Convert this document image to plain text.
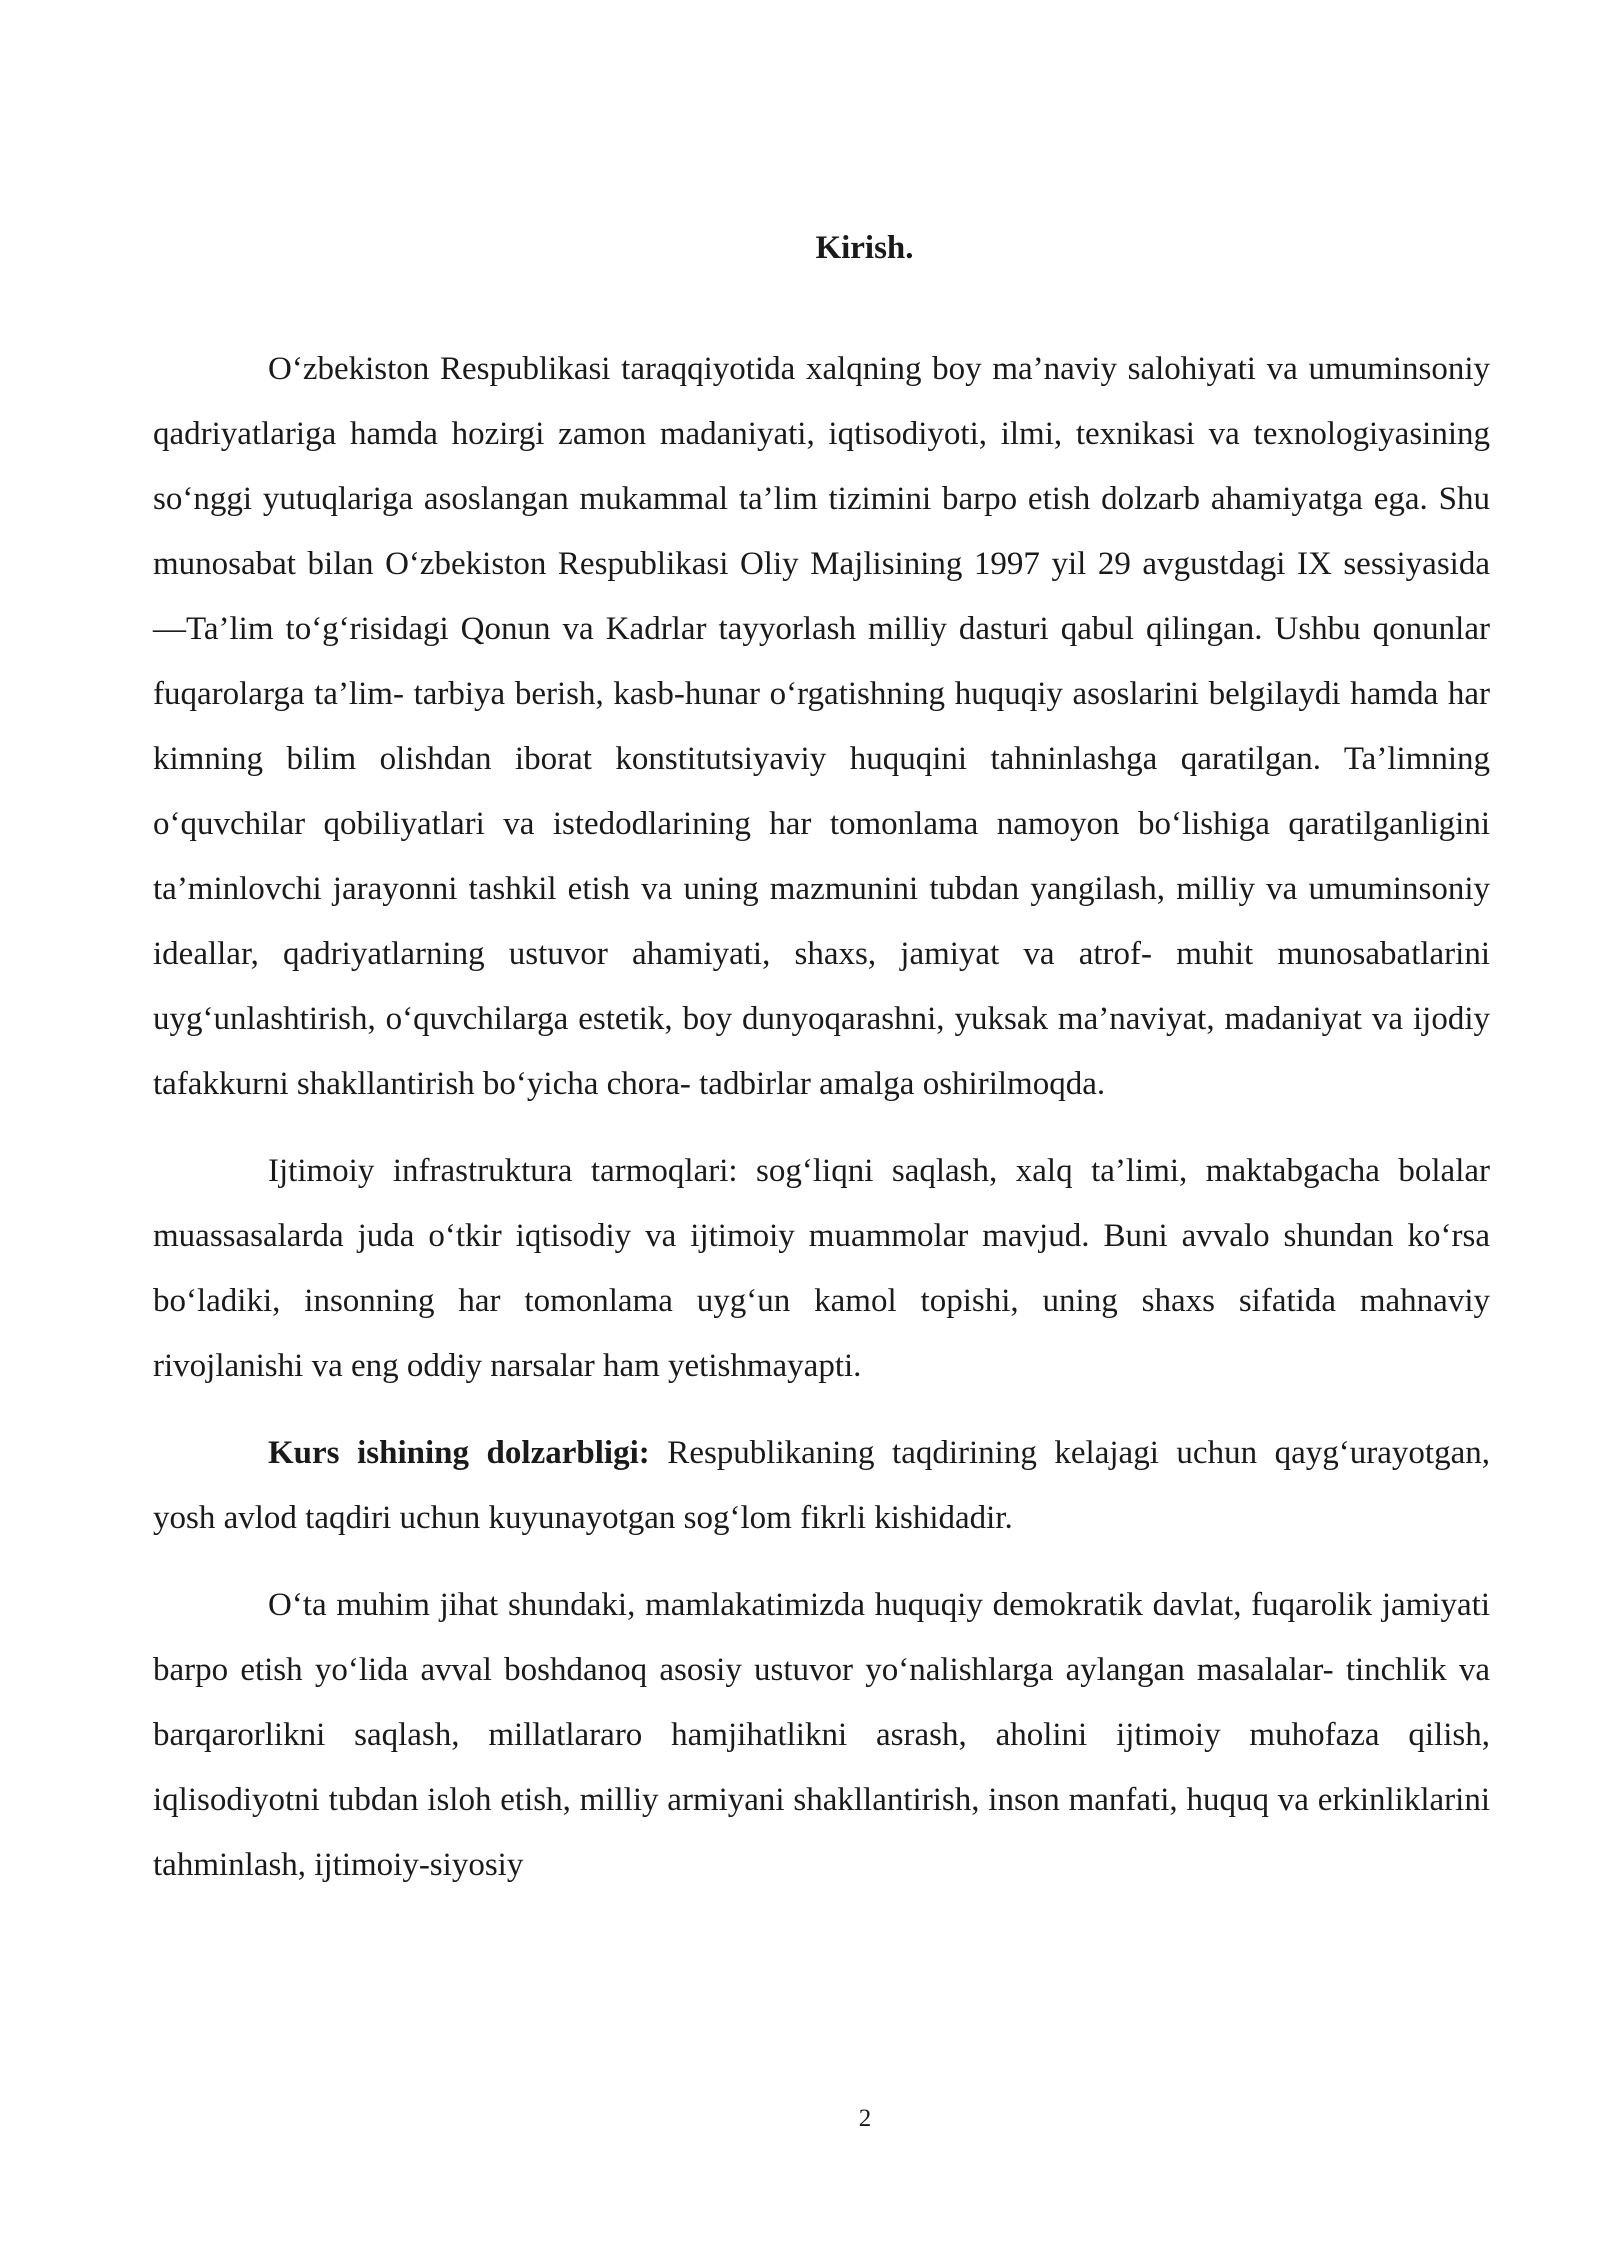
Kirish.

O‘zbekiston Respublikasi taraqqiyotida xalqning boy ma’naviy salohiyati va umuminsoniy qadriyatlariga hamda hozirgi zamon madaniyati, iqtisodiyoti, ilmi, texnikasi va texnologiyasining so‘nggi yutuqlariga asoslangan mukammal ta’lim tizimini barpo etish dolzarb ahamiyatga ega. Shu munosabat bilan O‘zbekiston Respublikasi Oliy Majlisining 1997 yil 29 avgustdagi IX sessiyasida ―Ta’lim to‘g‘risidagi Qonun va Kadrlar tayyorlash milliy dasturi qabul qilingan. Ushbu qonunlar fuqarolarga ta’lim- tarbiya berish, kasb-hunar o‘rgatishning huquqiy asoslarini belgilaydi hamda har kimning bilim olishdan iborat konstitutsiyaviy huquqini tahninlashga qaratilgan. Ta’limning o‘quvchilar qobiliyatlari va istedodlarining har tomonlama namoyon bo‘lishiga qaratilganligini ta’minlovchi jarayonni tashkil etish va uning mazmunini tubdan yangilash, milliy va umuminsoniy ideallar, qadriyatlarning ustuvor ahamiyati, shaxs, jamiyat va atrof- muhit munosabatlarini uyg‘unlashtirish, o‘quvchilarga estetik, boy dunyoqarashni, yuksak ma’naviyat, madaniyat va ijodiy tafakkurni shakllantirish bo‘yicha chora- tadbirlar amalga oshirilmoqda.

Ijtimoiy infrastruktura tarmoqlari: sog‘liqni saqlash, xalq ta’limi, maktabgacha bolalar muassasalarda juda o‘tkir iqtisodiy va ijtimoiy muammolar mavjud. Buni avvalo shundan ko‘rsa bo‘ladiki, insonning har tomonlama uyg‘un kamol topishi, uning shaxs sifatida mahnaviy rivojlanishi va eng oddiy narsalar ham yetishmayapti.

Kurs ishining dolzarbligi: Respublikaning taqdirining kelajagi uchun qayg‘urayotgan, yosh avlod taqdiri uchun kuyunayotgan sog‘lom fikrli kishidadir.

O‘ta muhim jihat shundaki, mamlakatimizda huquqiy demokratik davlat, fuqarolik jamiyati barpo etish yo‘lida avval boshdanoq asosiy ustuvor yo‘nalishlarga aylangan masalalar- tinchlik va barqarorlikni saqlash, millatlararo hamjihatlikni asrash, aholini ijtimoiy muhofaza qilish, iqlisodiyotni tubdan isloh etish, milliy armiyani shakllantirish, inson manfati, huquq va erkinliklarini tahminlash, ijtimoiy-siyosiy

2
